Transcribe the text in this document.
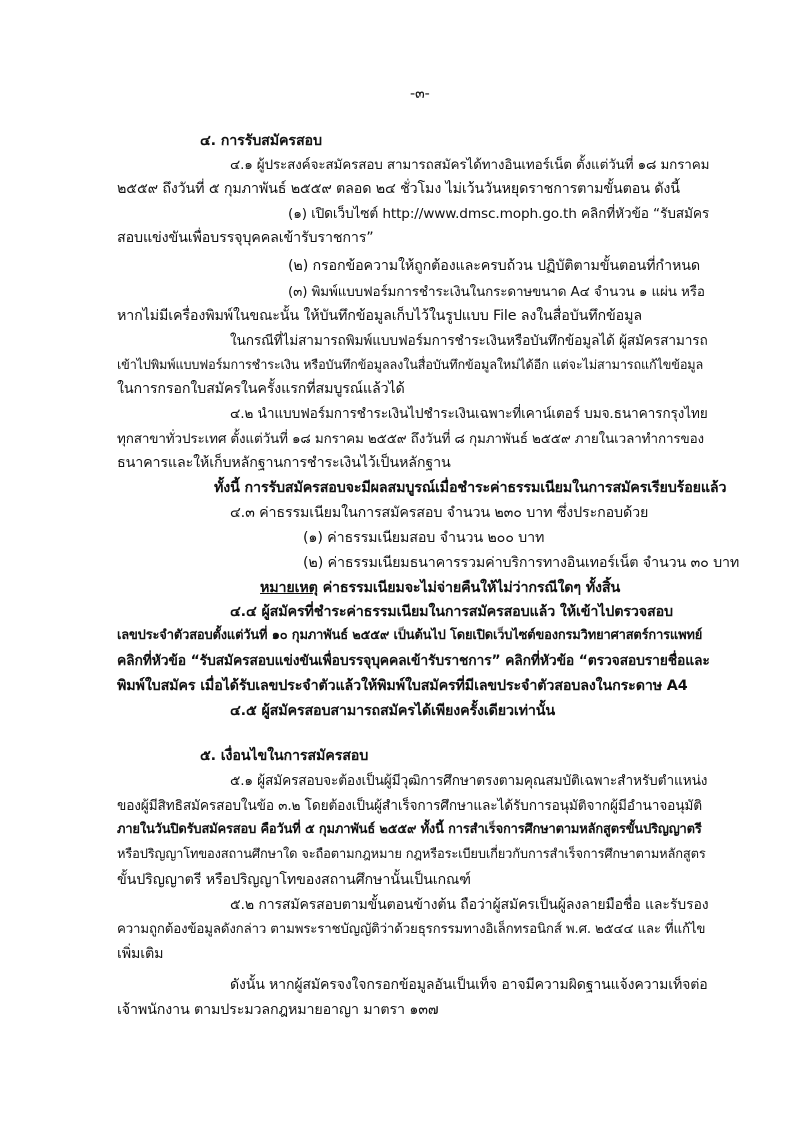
-๓-
๔. การรับสมัครสอบ
๔.๑ ผู้ประสงค์จะสมัครสอบ สามารถสมัครได้ทางอินเทอร์เน็ต ตั้งแต่วันที่ ๑๘ มกราคม
๒๕๕๙ ถึงวันที่ ๕ กุมภาพันธ์ ๒๕๕๙ ตลอด ๒๔ ชั่วโมง ไม่เว้นวันหยุดราชการตามขั้นตอน ดังนี้
(๑) เปิดเว็บไซต์ http://www.dmsc.moph.go.th คลิกที่หัวข้อ “รับสมัคร
สอบแข่งขันเพื่อบรรจุบุคคลเข้ารับราชการ”
(๒) กรอกข้อความให้ถูกต้องและครบถ้วน ปฏิบัติตามขั้นตอนที่กำหนด
(๓) พิมพ์แบบฟอร์มการชำระเงินในกระดาษขนาด A๔ จำนวน ๑ แผ่น หรือ
หากไม่มีเครื่องพิมพ์ในขณะนั้น ให้บันทึกข้อมูลเก็บไว้ในรูปแบบ File ลงในสื่อบันทึกข้อมูล
ในกรณีที่ไม่สามารถพิมพ์แบบฟอร์มการชำระเงินหรือบันทึกข้อมูลได้ ผู้สมัครสามารถ
เข้าไปพิมพ์แบบฟอร์มการชำระเงิน หรือบันทึกข้อมูลลงในสื่อบันทึกข้อมูลใหม่ได้อีก แต่จะไม่สามารถแก้ไขข้อมูล
ในการกรอกใบสมัครในครั้งแรกที่สมบูรณ์แล้วได้
๔.๒ นำแบบฟอร์มการชำระเงินไปชำระเงินเฉพาะที่เคาน์เตอร์ บมจ.ธนาคารกรุงไทย
ทุกสาขาทั่วประเทศ ตั้งแต่วันที่ ๑๘ มกราคม ๒๕๕๙ ถึงวันที่ ๘ กุมภาพันธ์ ๒๕๕๙ ภายในเวลาทำการของ
ธนาคารและให้เก็บหลักฐานการชำระเงินไว้เป็นหลักฐาน
ทั้งนี้ การรับสมัครสอบจะมีผลสมบูรณ์เมื่อชำระค่าธรรมเนียมในการสมัครเรียบร้อยแล้ว
๔.๓ ค่าธรรมเนียมในการสมัครสอบ จำนวน ๒๓๐ บาท ซึ่งประกอบด้วย
(๑) ค่าธรรมเนียมสอบ จำนวน ๒๐๐ บาท
(๒) ค่าธรรมเนียมธนาคารรวมค่าบริการทางอินเทอร์เน็ต จำนวน ๓๐ บาท
หมายเหตุ ค่าธรรมเนียมจะไม่จ่ายคืนให้ไม่ว่ากรณีใดๆ ทั้งสิ้น
๔.๔ ผู้สมัครที่ชำระค่าธรรมเนียมในการสมัครสอบแล้ว ให้เข้าไปตรวจสอบ
เลขประจำตัวสอบตั้งแต่วันที่ ๑๐ กุมภาพันธ์ ๒๕๕๙ เป็นต้นไป โดยเปิดเว็บไซต์ของกรมวิทยาศาสตร์การแพทย์
คลิกที่หัวข้อ “รับสมัครสอบแข่งขันเพื่อบรรจุบุคคลเข้ารับราชการ” คลิกที่หัวข้อ “ตรวจสอบรายชื่อและ
พิมพ์ใบสมัคร เมื่อได้รับเลขประจำตัวแล้วให้พิมพ์ใบสมัครที่มีเลขประจำตัวสอบลงในกระดาษ A4
๔.๕ ผู้สมัครสอบสามารถสมัครได้เพียงครั้งเดียวเท่านั้น
๕. เงื่อนไขในการสมัครสอบ
๕.๑ ผู้สมัครสอบจะต้องเป็นผู้มีวุฒิการศึกษาตรงตามคุณสมบัติเฉพาะสำหรับตำแหน่ง
ของผู้มีสิทธิสมัครสอบในข้อ ๓.๒ โดยต้องเป็นผู้สำเร็จการศึกษาและได้รับการอนุมัติจากผู้มีอำนาจอนุมัติ
ภายในวันปิดรับสมัครสอบ คือวันที่ ๕ กุมภาพันธ์ ๒๕๕๙ ทั้งนี้ การสำเร็จการศึกษาตามหลักสูตรขั้นปริญญาตรี
หรือปริญญาโทของสถานศึกษาใด จะถือตามกฎหมาย กฎหรือระเบียบเกี่ยวกับการสำเร็จการศึกษาตามหลักสูตร
ขั้นปริญญาตรี หรือปริญญาโทของสถานศึกษานั้นเป็นเกณฑ์
๕.๒ การสมัครสอบตามขั้นตอนข้างต้น ถือว่าผู้สมัครเป็นผู้ลงลายมือชื่อ และรับรอง
ความถูกต้องข้อมูลดังกล่าว ตามพระราชบัญญัติว่าด้วยธุรกรรมทางอิเล็กทรอนิกส์ พ.ศ. ๒๕๔๔ และ ที่แก้ไข
เพิ่มเติม
ดังนั้น หากผู้สมัครจงใจกรอกข้อมูลอันเป็นเท็จ อาจมีความผิดฐานแจ้งความเท็จต่อ
เจ้าพนักงาน ตามประมวลกฎหมายอาญา มาตรา ๑๓๗
